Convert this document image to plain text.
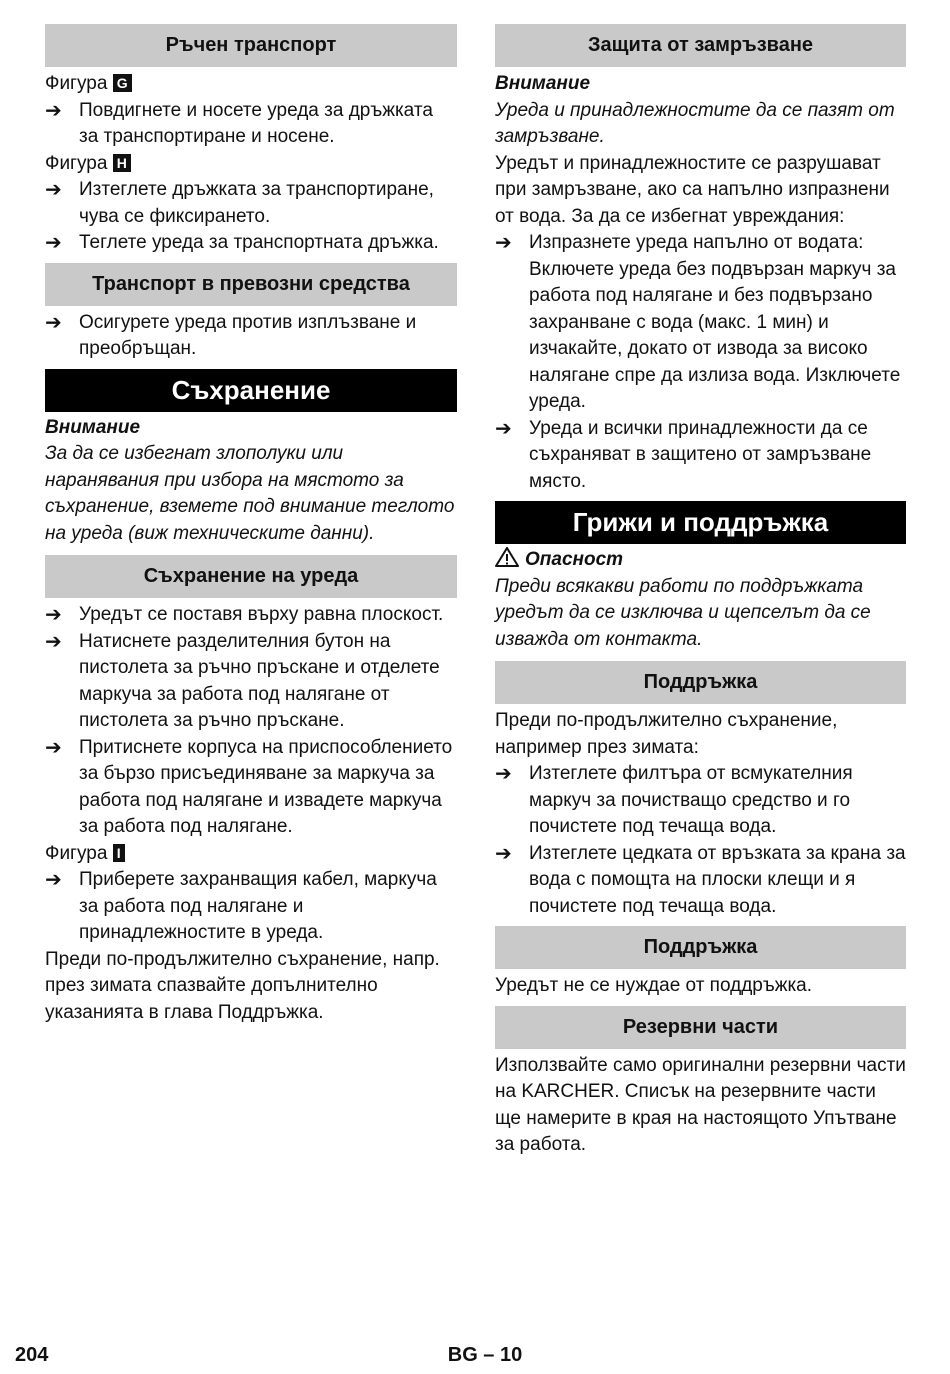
Ръчен транспорт

Фигура G

➔ Повдигнете и носете уреда за дръжката за транспортиране и носене.

Фигура H

➔ Изтеглете дръжката за транспортиране, чува се фиксирането.
➔ Теглете уреда за транспортната дръжка.
Транспорт в превозни средства
➔ Осигурете уреда против изплъзване и преобръщан.
Съхранение

Внимание

За да се избегнат злополуки или наранявания при избора на мястото за съхранение, вземете под внимание теглото на уреда (виж техническите данни).

Съхранение на уреда
➔ Уредът се поставя върху равна плоскост.
➔ Натиснете разделителния бутон на пистолета за ръчно пръскане и отделете маркуча за работа под налягане от пистолета за ръчно пръскане.
➔ Притиснете корпуса на приспособлението за бързо присъединяване за маркуча за работа под налягане и извадете маркуча за работа под налягане.

Фигура I

➔ Приберете захранващия кабел, маркуча за работа под налягане и принадлежностите в уреда.

Преди по-продължително съхранение, напр. през зимата спазвайте допълнително указанията в глава Поддръжка.

Защита от замръзване

Внимание

Уреда и принадлежностите да се пазят от замръзване.

Уредът и принадлежностите се разрушават при замръзване, ако са напълно изпразнени от вода. За да се избегнат увреждания:

➔ Изпразнете уреда напълно от водата: Включете уреда без подвързан маркуч за работа под налягане и без подвързано захранване с вода (макс. 1 мин) и изчакайте, докато от извода за високо налягане спре да излиза вода. Изключете уреда.
➔ Уреда и всички принадлежности да се съхраняват в защитено от замръзване място.
Грижи и поддръжка

Опасност

Преди всякакви работи по поддръжката уредът да се изключва и щепселът да се изважда от контакта.

Поддръжка

Преди по-продължително съхранение, например през зимата:

➔ Изтеглете филтъра от всмукателния маркуч за почистващо средство и го почистете под течаща вода.
➔ Изтеглете цедката от връзката за крана за вода с помощта на плоски клещи и я почистете под течаща вода.
Поддръжка

Уредът не се нуждае от поддръжка.

Резервни части

Използвайте само оригинални резервни части на KARCHER. Списък на резервните части ще намерите в края на настоящото Упътване за работа.

204	BG – 10
